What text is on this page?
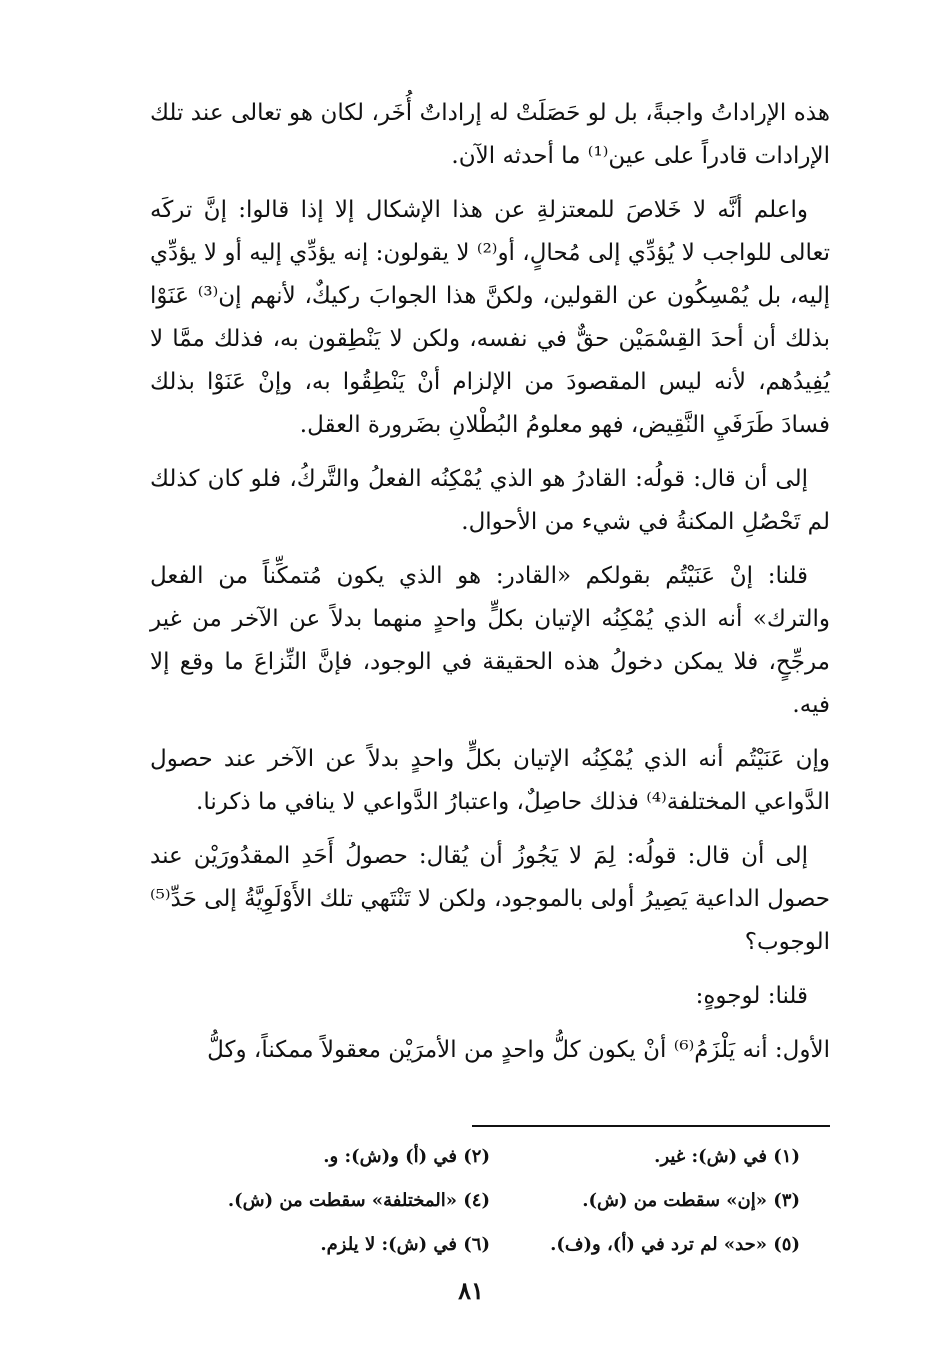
هذه الإراداتُ واجبةً، بل لو حَصَلَتْ له إراداتٌ أُخَر، لكان هو تعالى عند تلك الإرادات قادراً على عين⁽¹⁾ ما أحدثه الآن.

واعلم أنَّه لا خَلاصَ للمعتزلةِ عن هذا الإشكال إلا إذا قالوا: إنَّ تركَه تعالى للواجب لا يُؤدِّي إلى مُحالٍ، أو⁽²⁾ لا يقولون: إنه يؤدِّي إليه أو لا يؤدِّي إليه، بل يُمْسِكُون عن القولين، ولكنَّ هذا الجوابَ ركيكٌ، لأنهم إن⁽³⁾ عَنَوْا بذلك أن أحدَ القِسْمَيْن حقٌّ في نفسه، ولكن لا يَنْطِقون به، فذلك ممَّا لا يُفِيدُهم، لأنه ليس المقصودَ من الإلزام أنْ يَنْطِقُوا به، وإنْ عَنَوْا بذلك فسادَ طَرَفَيِ النَّقِيض، فهو معلومُ البُطْلانِ بضَرورة العقل.

إلى أن قال: قولُه: القادرُ هو الذي يُمْكِنُه الفعلُ والتَّركُ، فلو كان كذلك لم تَحْصُلِ المكنةُ في شيء من الأحوال.

قلنا: إنْ عَنَيْتُم بقولكم «القادر: هو الذي يكون مُتمكِّناً من الفعل والترك» أنه الذي يُمْكِنُه الإتيان بكلٍّ واحدٍ منهما بدلاً عن الآخر من غير مرجِّحٍ، فلا يمكن دخولُ هذه الحقيقة في الوجود، فإنَّ النِّزاعَ ما وقع إلا فيه.

وإن عَنَيْتُم أنه الذي يُمْكِنُه الإتيان بكلٍّ واحدٍ بدلاً عن الآخر عند حصول الدَّواعي المختلفة⁽⁴⁾ فذلك حاصِلٌ، واعتبارُ الدَّواعي لا ينافي ما ذكرنا.

إلى أن قال: قولُه: لِمَ لا يَجُوزُ أن يُقال: حصولُ أَحَدِ المقدُورَيْن عند حصول الداعية يَصِيرُ أولى بالموجود، ولكن لا تَنْتَهي تلك الأَوْلَوِيَّةُ إلى حَدِّ⁽⁵⁾ الوجوب؟

قلنا: لوجوهٍ:

الأول: أنه يَلْزَمُ⁽⁶⁾ أنْ يكون كلُّ واحدٍ من الأمرَيْن معقولاً ممكناً، وكلُّ

(١) في (ش): غير.
(٢) في (أ) و(ش): و.
(٣) «إن» سقطت من (ش).
(٤) «المختلفة» سقطت من (ش).
(٥) «حد» لم ترد في (أ)، و(ف).
(٦) في (ش): لا يلزم.
٨١
